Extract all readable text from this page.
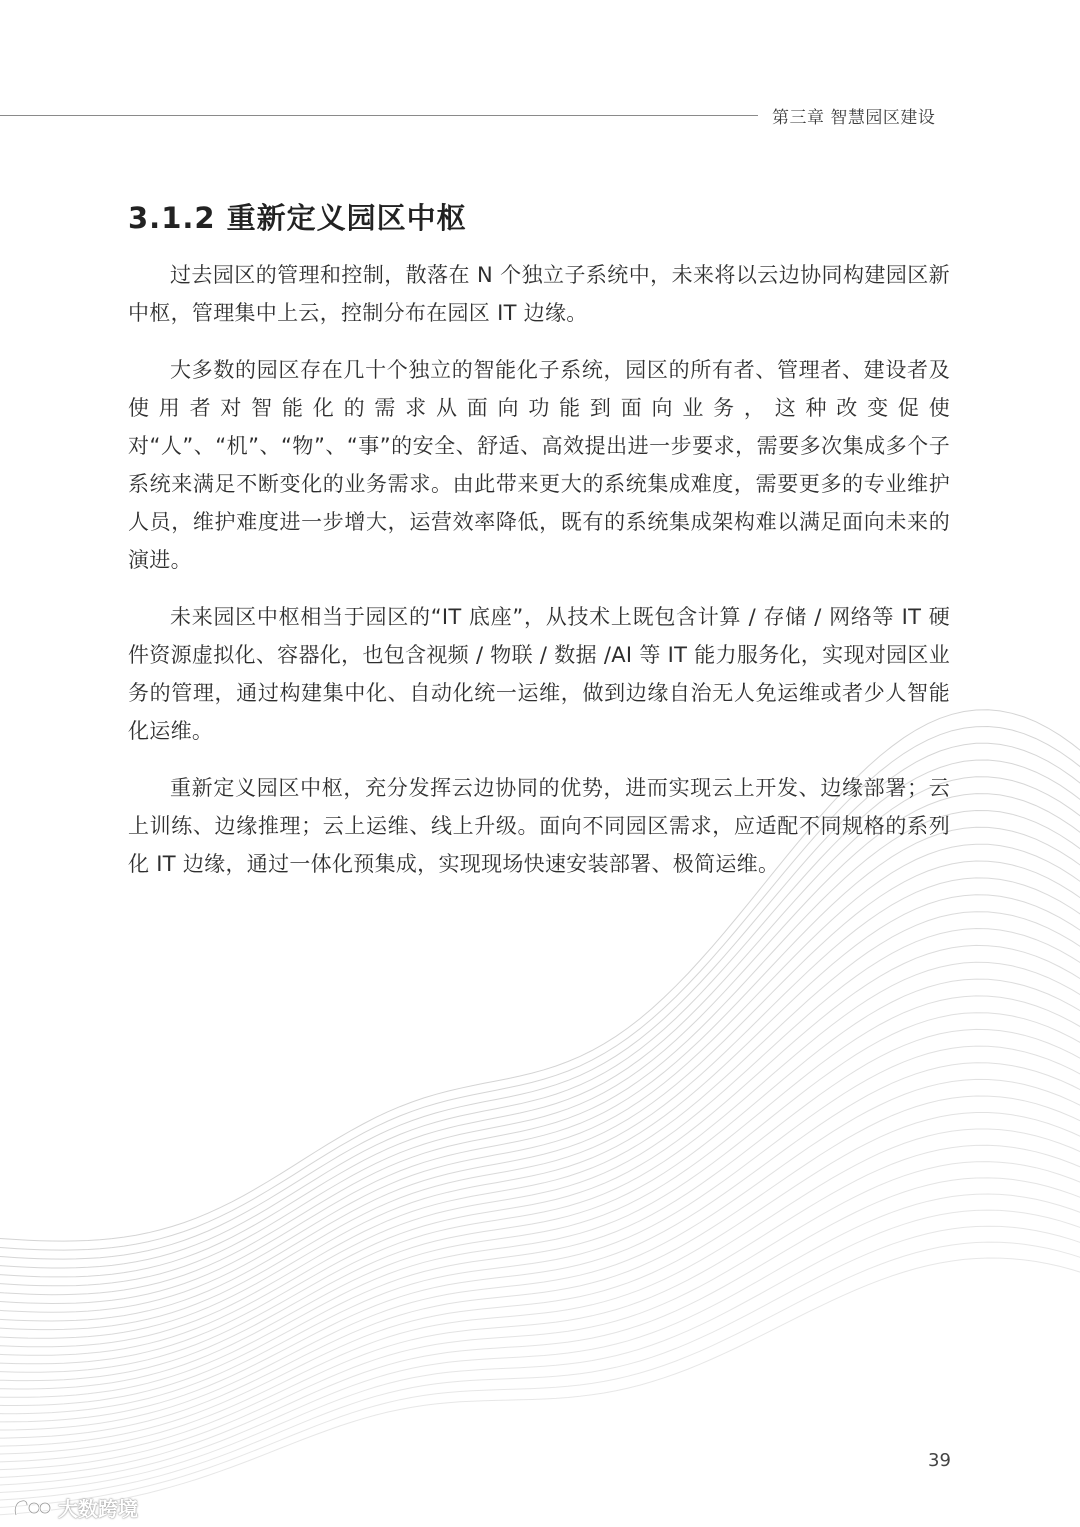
第三章 智慧园区建设
3.1.2 重新定义园区中枢

过去园区的管理和控制，散落在 N 个独立子系统中，未来将以云边协同构建园区新中枢，管理集中上云，控制分布在园区 IT 边缘。

大多数的园区存在几十个独立的智能化子系统，园区的所有者、管理者、建设者及使用者对智能化的需求从面向功能到面向业务，这种改变促使对“人”、“机”、“物”、“事”的安全、舒适、高效提出进一步要求，需要多次集成多个子系统来满足不断变化的业务需求。由此带来更大的系统集成难度，需要更多的专业维护人员，维护难度进一步增大，运营效率降低，既有的系统集成架构难以满足面向未来的演进。

未来园区中枢相当于园区的“IT 底座”，从技术上既包含计算 / 存储 / 网络等 IT 硬件资源虚拟化、容器化，也包含视频 / 物联 / 数据 /AI 等 IT 能力服务化，实现对园区业务的管理，通过构建集中化、自动化统一运维，做到边缘自治无人免运维或者少人智能化运维。

重新定义园区中枢，充分发挥云边协同的优势，进而实现云上开发、边缘部署；云上训练、边缘推理；云上运维、线上升级。面向不同园区需求，应适配不同规格的系列化 IT 边缘，通过一体化预集成，实现现场快速安装部署、极简运维。

39
大数跨境
